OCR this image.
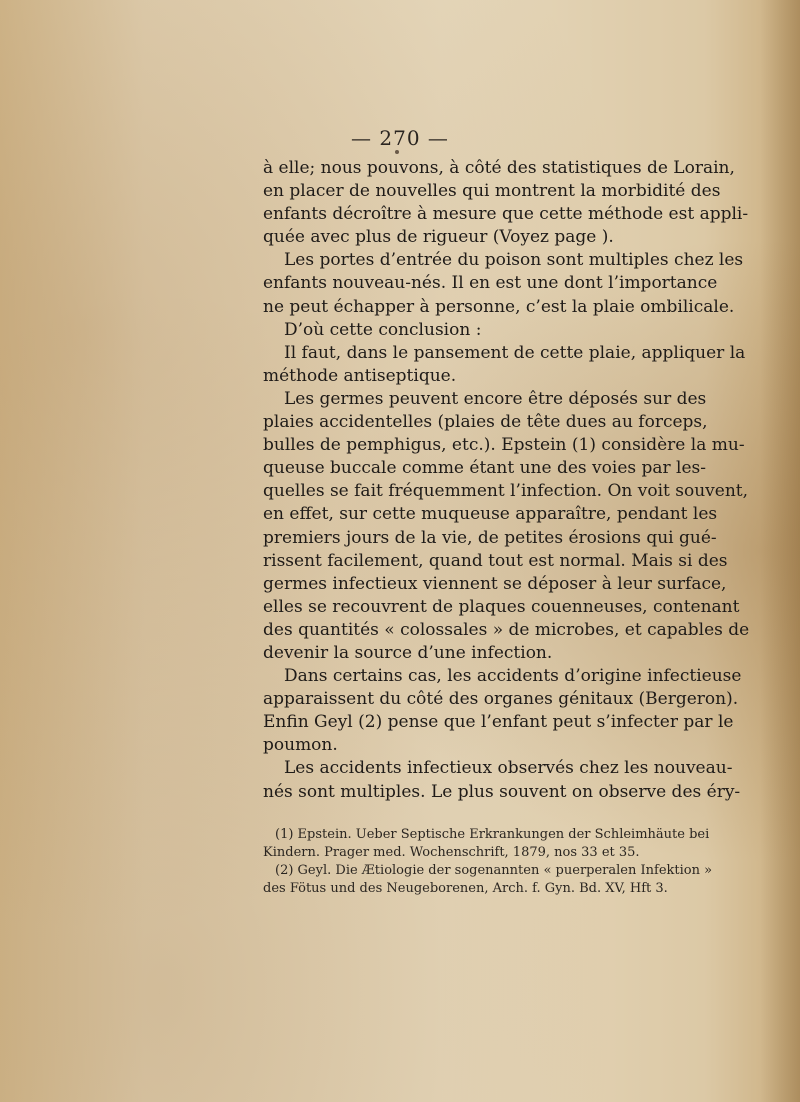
— 270 —

à elle; nous pouvons, à côté des statistiques de Lorain,
en placer de nouvelles qui montrent la morbidité des
enfants décroître à mesure que cette méthode est appli-
quée avec plus de rigueur (Voyez page ).

Les portes d’entrée du poison sont multiples chez les
enfants nouveau-nés. Il en est une dont l’importance
ne peut échapper à personne, c’est la plaie ombilicale.

D’où cette conclusion :

Il faut, dans le pansement de cette plaie, appliquer la
méthode antiseptique.

Les germes peuvent encore être déposés sur des
plaies accidentelles (plaies de tête dues au forceps,
bulles de pemphigus, etc.). Epstein (1) considère la mu-
queuse buccale comme étant une des voies par les-
quelles se fait fréquemment l’infection. On voit souvent,
en effet, sur cette muqueuse apparaître, pendant les
premiers jours de la vie, de petites érosions qui gué-
rissent facilement, quand tout est normal. Mais si des
germes infectieux viennent se déposer à leur surface,
elles se recouvrent de plaques couenneuses, contenant
des quantités « colossales » de microbes, et capables de
devenir la source d’une infection.

Dans certains cas, les accidents d’origine infectieuse
apparaissent du côté des organes génitaux (Bergeron).
Enfin Geyl (2) pense que l’enfant peut s’infecter par le
poumon.

Les accidents infectieux observés chez les nouveau-
nés sont multiples. Le plus souvent on observe des éry-

(1) Epstein. Ueber Septische Erkrankungen der Schleimhäute bei
Kindern. Prager med. Wochenschrift, 1879, nos 33 et 35.

(2) Geyl. Die Ætiologie der sogenannten « puerperalen Infektion »
des Fötus und des Neugeborenen, Arch. f. Gyn. Bd. XV, Hft 3.
